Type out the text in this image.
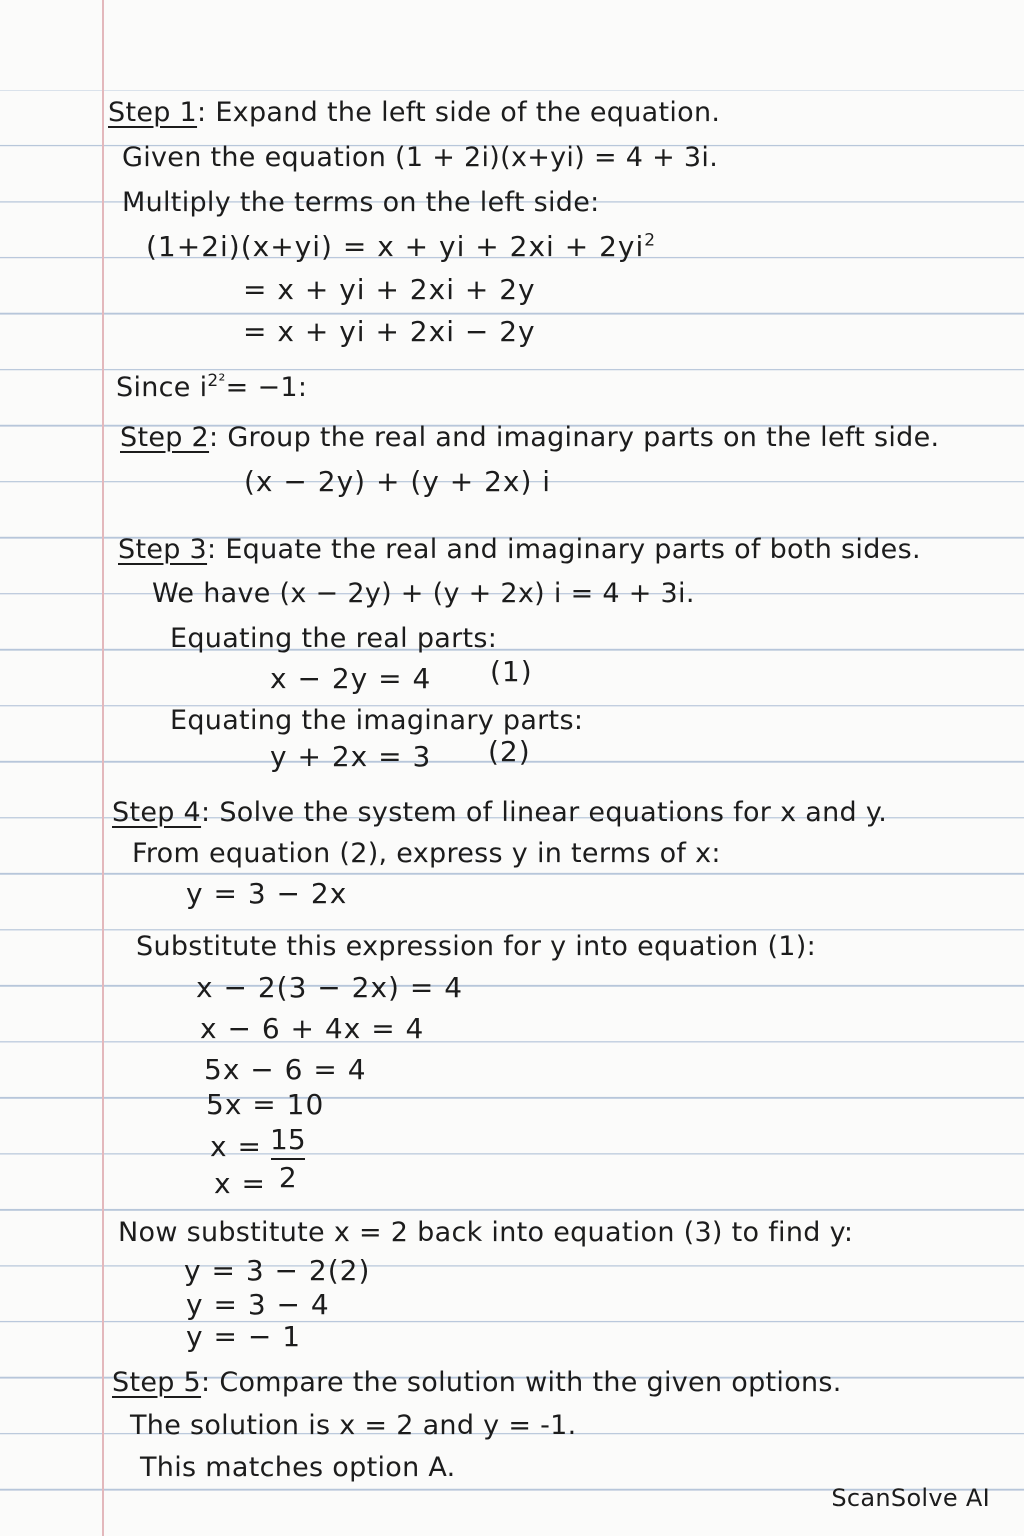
Step 1: Expand the left side of the equation.
Given the equation (1 + 2i)(x+yi) = 4 + 3i.
Multiply the terms on the left side:
(1+2i)(x+yi) = x + yi + $2xi + 2yi^2$
= x + yi + 2xi + 2y
= x + yi + 2xi − 2y
Since $i^{2^2}= -1$:
Step 2: Group the real and imaginary parts on the left side.
(x − 2y) + (y + 2x) i
Step 3: Equate the real and imaginary parts of both sides.
We have (x − 2y) + (y + 2x) i = 4 + 3i.
Equating the real parts:
x − 2y = 4 (1)
Equating the imaginary parts:
y + 2x = 3 (2)
Step 4: Solve the system of linear equations for x and y.
From equation (2), express y in terms of x:
y = 3 − 2x
Substitute this expression for y into equation (1):
x − 2(3 − 2x) = 4
x − 6 + 4x = 4
5x − 6 = 4
5x = 10
x = 15
2
x =
Now substitute x = 2 back into equation (3) to find y:
y = 3 − 2(2)
y = 3 − 4
y = − 1
Step 5: Compare the solution with the given options.
The solution is x = 2 and y = -1.
This matches option A.
ScanSolve AI
